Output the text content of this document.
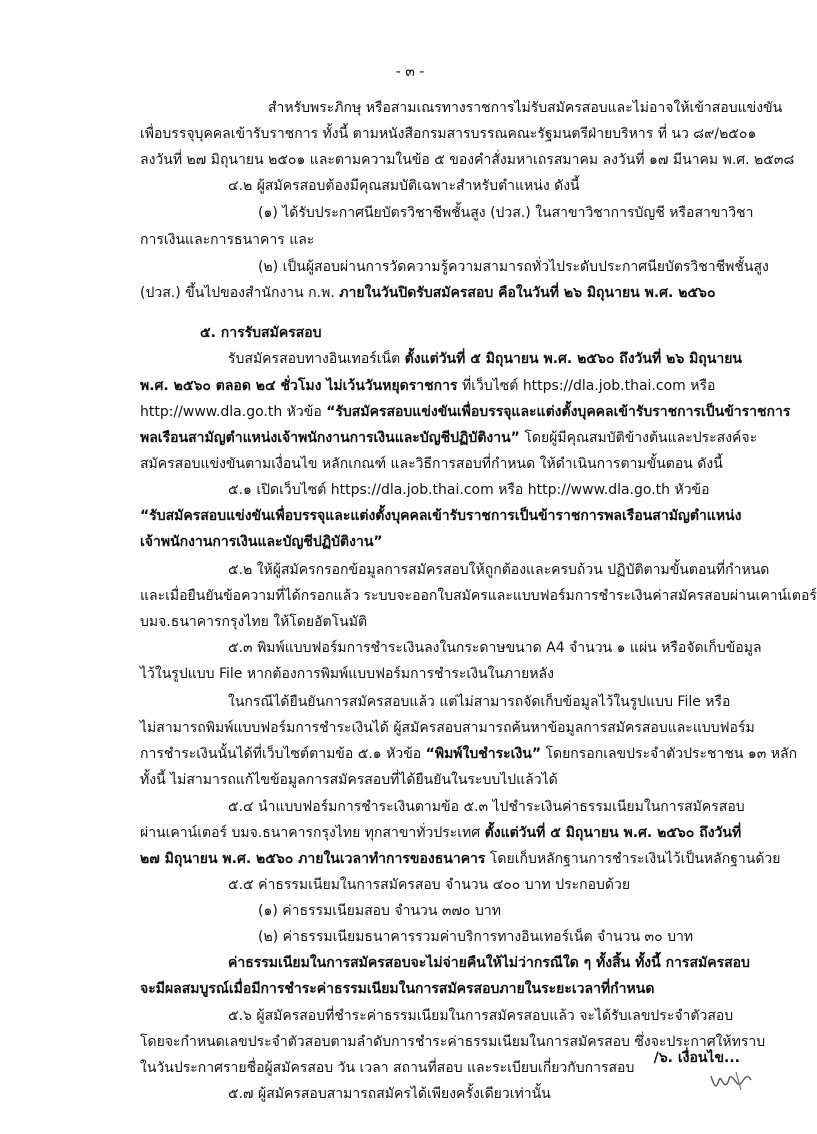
- ๓ -
สำหรับพระภิกษุ หรือสามเณรทางราชการไม่รับสมัครสอบและไม่อาจให้เข้าสอบแข่งขัน
เพื่อบรรจุบุคคลเข้ารับราชการ ทั้งนี้ ตามหนังสือกรมสารบรรณคณะรัฐมนตรีฝ่ายบริหาร ที่ นว ๘๙/๒๕๐๑
ลงวันที่ ๒๗ มิถุนายน ๒๕๐๑ และตามความในข้อ ๕ ของคำสั่งมหาเถรสมาคม ลงวันที่ ๑๗ มีนาคม พ.ศ. ๒๕๓๘
๔.๒ ผู้สมัครสอบต้องมีคุณสมบัติเฉพาะสำหรับตำแหน่ง ดังนี้
(๑) ได้รับประกาศนียบัตรวิชาชีพชั้นสูง (ปวส.) ในสาขาวิชาการบัญชี หรือสาขาวิชา
การเงินและการธนาคาร และ
(๒) เป็นผู้สอบผ่านการวัดความรู้ความสามารถทั่วไประดับประกาศนียบัตรวิชาชีพชั้นสูง
(ปวส.) ขึ้นไปของสำนักงาน ก.พ. ภายในวันปิดรับสมัครสอบ คือในวันที่ ๒๖ มิถุนายน พ.ศ. ๒๕๖๐
๕. การรับสมัครสอบ
รับสมัครสอบทางอินเทอร์เน็ต ตั้งแต่วันที่ ๕ มิถุนายน พ.ศ. ๒๕๖๐ ถึงวันที่ ๒๖ มิถุนายน
พ.ศ. ๒๕๖๐ ตลอด ๒๔ ชั่วโมง ไม่เว้นวันหยุดราชการ ที่เว็บไซต์ https://dla.job.thai.com หรือ
http://www.dla.go.th หัวข้อ “รับสมัครสอบแข่งขันเพื่อบรรจุและแต่งตั้งบุคคลเข้ารับราชการเป็นข้าราชการ
พลเรือนสามัญตำแหน่งเจ้าพนักงานการเงินและบัญชีปฏิบัติงาน” โดยผู้มีคุณสมบัติข้างต้นและประสงค์จะ
สมัครสอบแข่งขันตามเงื่อนไข หลักเกณฑ์ และวิธีการสอบที่กำหนด ให้ดำเนินการตามขั้นตอน ดังนี้
๕.๑ เปิดเว็บไซต์ https://dla.job.thai.com หรือ http://www.dla.go.th หัวข้อ
“รับสมัครสอบแข่งขันเพื่อบรรจุและแต่งตั้งบุคคลเข้ารับราชการเป็นข้าราชการพลเรือนสามัญตำแหน่ง
เจ้าพนักงานการเงินและบัญชีปฏิบัติงาน”
๕.๒ ให้ผู้สมัครกรอกข้อมูลการสมัครสอบให้ถูกต้องและครบถ้วน ปฏิบัติตามขั้นตอนที่กำหนด
และเมื่อยืนยันข้อความที่ได้กรอกแล้ว ระบบจะออกใบสมัครและแบบฟอร์มการชำระเงินค่าสมัครสอบผ่านเคาน์เตอร์
บมจ.ธนาคารกรุงไทย ให้โดยอัตโนมัติ
๕.๓ พิมพ์แบบฟอร์มการชำระเงินลงในกระดาษขนาด A4 จำนวน ๑ แผ่น หรือจัดเก็บข้อมูล
ไว้ในรูปแบบ File หากต้องการพิมพ์แบบฟอร์มการชำระเงินในภายหลัง
ในกรณีได้ยืนยันการสมัครสอบแล้ว แต่ไม่สามารถจัดเก็บข้อมูลไว้ในรูปแบบ File หรือ
ไม่สามารถพิมพ์แบบฟอร์มการชำระเงินได้ ผู้สมัครสอบสามารถค้นหาข้อมูลการสมัครสอบและแบบฟอร์ม
การชำระเงินนั้นได้ที่เว็บไซต์ตามข้อ ๕.๑ หัวข้อ “พิมพ์ใบชำระเงิน” โดยกรอกเลขประจำตัวประชาชน ๑๓ หลัก
ทั้งนี้ ไม่สามารถแก้ไขข้อมูลการสมัครสอบที่ได้ยืนยันในระบบไปแล้วได้
๕.๔ นำแบบฟอร์มการชำระเงินตามข้อ ๕.๓ ไปชำระเงินค่าธรรมเนียมในการสมัครสอบ
ผ่านเคาน์เตอร์ บมจ.ธนาคารกรุงไทย ทุกสาขาทั่วประเทศ ตั้งแต่วันที่ ๕ มิถุนายน พ.ศ. ๒๕๖๐ ถึงวันที่
๒๗ มิถุนายน พ.ศ. ๒๕๖๐ ภายในเวลาทำการของธนาคาร โดยเก็บหลักฐานการชำระเงินไว้เป็นหลักฐานด้วย
๕.๕ ค่าธรรมเนียมในการสมัครสอบ จำนวน ๔๐๐ บาท ประกอบด้วย
(๑) ค่าธรรมเนียมสอบ จำนวน ๓๗๐ บาท
(๒) ค่าธรรมเนียมธนาคารรวมค่าบริการทางอินเทอร์เน็ต จำนวน ๓๐ บาท
ค่าธรรมเนียมในการสมัครสอบจะไม่จ่ายคืนให้ไม่ว่ากรณีใด ๆ ทั้งสิ้น ทั้งนี้ การสมัครสอบ
จะมีผลสมบูรณ์เมื่อมีการชำระค่าธรรมเนียมในการสมัครสอบภายในระยะเวลาที่กำหนด
๕.๖ ผู้สมัครสอบที่ชำระค่าธรรมเนียมในการสมัครสอบแล้ว จะได้รับเลขประจำตัวสอบ
โดยจะกำหนดเลขประจำตัวสอบตามลำดับการชำระค่าธรรมเนียมในการสมัครสอบ ซึ่งจะประกาศให้ทราบ
ในวันประกาศรายชื่อผู้สมัครสอบ วัน เวลา สถานที่สอบ และระเบียบเกี่ยวกับการสอบ
๕.๗ ผู้สมัครสอบสามารถสมัครได้เพียงครั้งเดียวเท่านั้น
/๖. เงื่อนไข...
